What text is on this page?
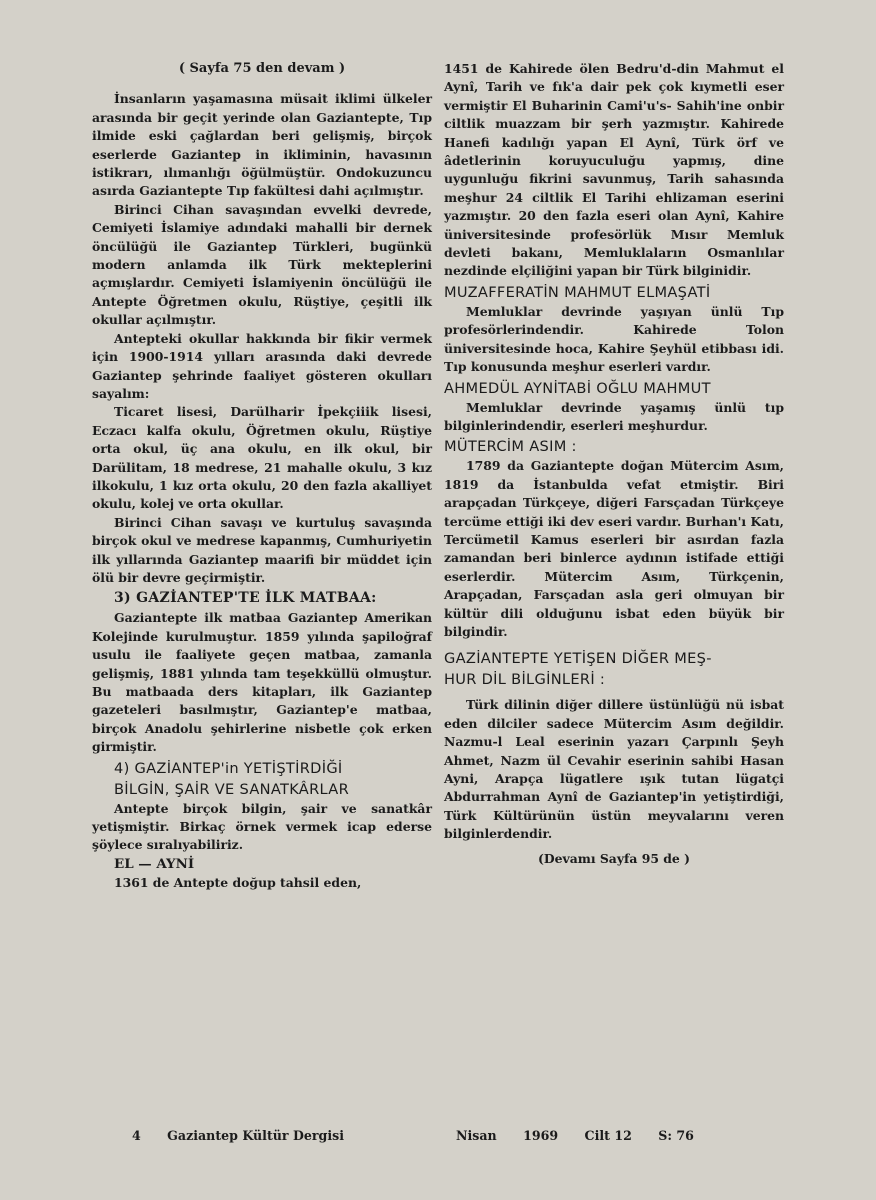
( Sayfa 75 den devam )

İnsanların yaşamasına müsait iklimi ülkeler arasında bir geçit yerinde olan Gaziantepte, Tıp ilmide eski çağlardan beri gelişmiş, birçok eserlerde Gaziantep in ikliminin, havasının istikrarı, ılımanlığı öğülmüştür. Ondokuzuncu asırda Gaziantepte Tıp fakültesi dahi açılmıştır.

Birinci Cihan savaşından evvelki devrede, Cemiyeti İslamiye adındaki mahalli bir dernek öncülüğü ile Gaziantep Türkleri, bugünkü modern anlamda ilk Türk mekteplerini açmışlardır. Cemiyeti İslamiyenin öncülüğü ile Antepte Öğretmen okulu, Rüştiye, çeşitli ilk okullar açılmıştır.

Antepteki okullar hakkında bir fikir vermek için 1900-1914 yılları arasında daki devrede Gaziantep şehrinde faaliyet gösteren okulları sayalım:

Ticaret lisesi, Darülharir İpekçiiik lisesi, Eczacı kalfa okulu, Öğretmen okulu, Rüştiye orta okul, üç ana okulu, en ilk okul, bir Darülitam, 18 medrese, 21 mahalle okulu, 3 kız ilkokulu, 1 kız orta okulu, 20 den fazla akalliyet okulu, kolej ve orta okullar.

Birinci Cihan savaşı ve kurtuluş savaşında birçok okul ve medrese kapanmış, Cumhuriyetin ilk yıllarında Gaziantep maarifi bir müddet için ölü bir devre geçirmiştir.

3) GAZİANTEP'TE İLK MATBAA:

Gaziantepte ilk matbaa Gaziantep Amerikan Kolejinde kurulmuştur. 1859 yılında şapiloğraf usulu ile faaliyete geçen matbaa, zamanla gelişmiş, 1881 yılında tam teşekküllü olmuştur. Bu matbaada ders kitapları, ilk Gaziantep gazeteleri basılmıştır, Gaziantep'e matbaa, birçok Anadolu şehirlerine nisbetle çok erken girmiştir.

4) GAZİANTEP'in YETİŞTİRDİĞİ

BİLGİN, ŞAİR VE SANATKÂRLAR

Antepte birçok bilgin, şair ve sanatkâr yetişmiştir. Birkaç örnek vermek icap ederse şöylece sıralıyabiliriz.

EL — AYNİ

1361 de Antepte doğup tahsil eden,

1451 de Kahirede ölen Bedru'd-din Mahmut el Aynî, Tarih ve fık'a dair pek çok kıymetli eser vermiştir El Buharinin Cami'u's- Sahih'ine onbir ciltlik muazzam bir şerh yazmıştır. Kahirede Hanefi kadılığı yapan El Aynî, Türk örf ve âdetlerinin koruyuculuğu yapmış, dine uygunluğu fikrini savunmuş, Tarih sahasında meşhur 24 ciltlik El Tarihi ehlizaman eserini yazmıştır. 20 den fazla eseri olan Aynî, Kahire üniversitesinde profesörlük Mısır Memluk devleti bakanı, Memluklaların Osmanlılar nezdinde elçiliğini yapan bir Türk bilginidir.

MUZAFFERATİN MAHMUT ELMAŞATİ

Memluklar devrinde yaşıyan ünlü Tıp profesörlerindendir. Kahirede Tolon üniversitesinde hoca, Kahire Şeyhül etibbası idi. Tıp konusunda meşhur eserleri vardır.

AHMEDÜL AYNİTABİ OĞLU MAHMUT

Memluklar devrinde yaşamış ünlü tıp bilginlerindendir, eserleri meşhurdur.

MÜTERCİM ASIM :

1789 da Gaziantepte doğan Mütercim Asım, 1819 da İstanbulda vefat etmiştir. Biri arapçadan Türkçeye, diğeri Farsçadan Türkçeye tercüme ettiği iki dev eseri vardır. Burhan'ı Katı, Tercümetil Kamus eserleri bir asırdan fazla zamandan beri binlerce aydının istifade ettiği eserlerdir. Mütercim Asım, Türkçenin, Arapçadan, Farsçadan asla geri olmuyan bir kültür dili olduğunu isbat eden büyük bir bilgindir.

GAZİANTEPTE YETİŞEN DİĞER MEŞ-

HUR DİL BİLGİNLERİ :

Türk dilinin diğer dillere üstünlüğü nü isbat eden dilciler sadece Mütercim Asım değildir. Nazmu-l Leal eserinin yazarı Çarpınlı Şeyh Ahmet, Nazm ül Cevahir eserinin sahibi Hasan Ayni, Arapça lügatlere ışık tutan lügatçi Abdurrahman Aynî de Gaziantep'in yetiştirdiği, Türk Kültürünün üstün meyvalarını veren bilginlerdendir.

(Devamı Sayfa 95 de )

4 Gaziantep Kültür Dergisi	Nisan 1969 Cilt 12 S: 76
